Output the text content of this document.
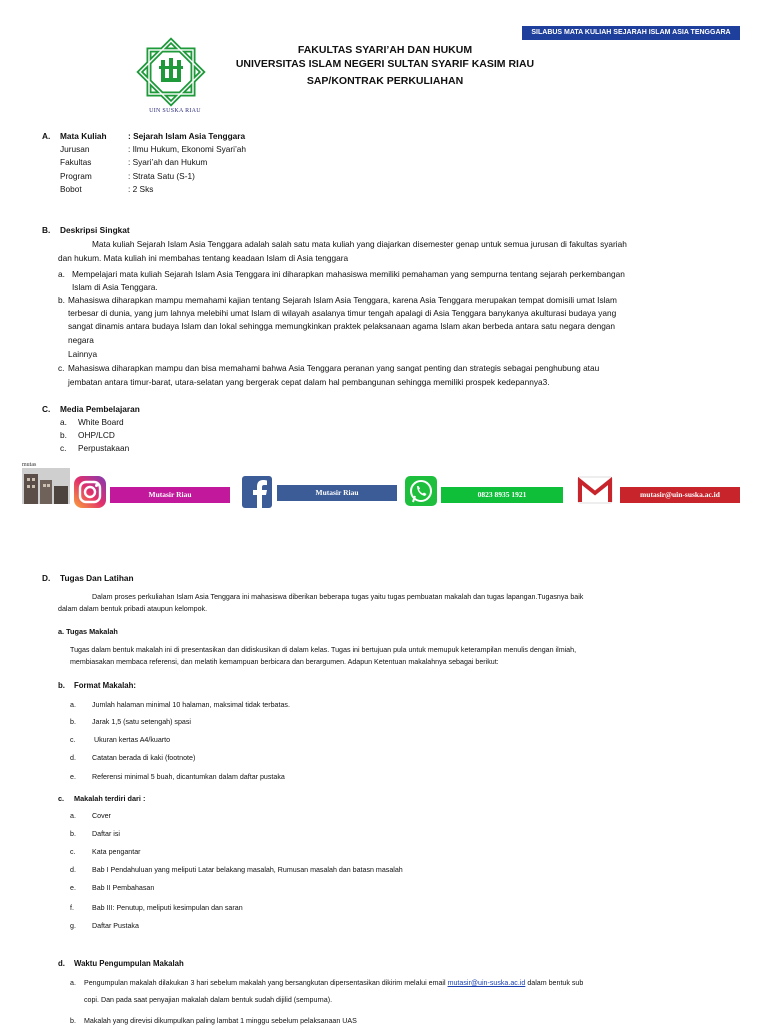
SILABUS MATA KULIAH SEJARAH ISLAM ASIA TENGGARA
UIN SUSKA RIAU
FAKULTAS SYARI’AH DAN HUKUM
UNIVERSITAS ISLAM NEGERI SULTAN SYARIF KASIM RIAU
SAP/KONTRAK PERKULIAHAN
A. Mata Kuliah	: Sejarah Islam Asia Tenggara
Jurusan	: Ilmu Hukum, Ekonomi Syari’ah
Fakultas	: Syari’ah dan Hukum
Program	: Strata Satu (S-1)
Bobot	: 2 Sks
B. Deskripsi Singkat
Mata kuliah Sejarah Islam Asia Tenggara adalah salah satu mata kuliah yang diajarkan disemester genap untuk semua jurusan di fakultas syariah
dan hukum. Mata kuliah ini membahas tentang keadaan Islam di Asia tenggara
a. Mempelajari mata kuliah Sejarah Islam Asia Tenggara ini diharapkan mahasiswa memiliki pemahaman yang sempurna tentang sejarah perkembangan
Islam di Asia Tenggara.
b. Mahasiswa diharapkan mampu memahami kajian tentang Sejarah Islam Asia Tenggara, karena Asia Tenggara merupakan tempat domisili umat Islam
terbesar di dunia, yang jum lahnya melebihi umat Islam di wilayah asalanya timur tengah apalagi di Asia Tenggara banykanya akulturasi budaya yang
sangat dinamis antara budaya Islam dan lokal sehingga memungkinkan praktek pelaksanaan agama Islam akan berbeda antara satu negara dengan
negara
Lainnya
c. Mahasiswa diharapkan mampu dan bisa memahami bahwa Asia Tenggara peranan yang sangat penting dan strategis sebagai penghubung atau
jembatan antara timur-barat, utara-selatan yang bergerak cepat dalam hal pembangunan sehingga memiliki prospek kedepannya3.
C. Media Pembelajaran
a. White Board
b. OHP/LCD
c. Perpustakaan
mutas
Mutasir Riau	Mutasir Riau	0823 8935 1921	mutasir@uin-suska.ac.id
D. Tugas Dan Latihan
Dalam proses perkuliahan Islam Asia Tenggara ini mahasiswa diberikan beberapa tugas yaitu tugas pembuatan makalah dan tugas lapangan.Tugasnya baik
dalam dalam bentuk pribadi ataupun kelompok.
a. Tugas Makalah
Tugas dalam bentuk makalah ini di presentasikan dan didiskusikan di dalam kelas. Tugas ini bertujuan pula untuk memupuk keterampilan menulis dengan ilmiah,
membiasakan membaca referensi, dan melatih kemampuan berbicara dan berargumen. Adapun Ketentuan makalahnya sebagai berikut:
b. Format Makalah:
a. Jumlah halaman minimal 10 halaman, maksimal tidak terbatas.
b. Jarak 1,5 (satu setengah) spasi
c. Ukuran kertas A4/kuarto
d. Catatan berada di kaki (footnote)
e. Referensi minimal 5 buah, dicantumkan dalam daftar pustaka
c. Makalah terdiri dari :
a. Cover
b. Daftar isi
c. Kata pengantar
d. Bab I Pendahuluan yang meliputi Latar belakang masalah, Rumusan masalah dan batasn masalah
e. Bab II Pembahasan
f.	Bab III: Penutup, meliputi kesimpulan dan saran
g. Daftar Pustaka
d. Waktu Pengumpulan Makalah
a. Pengumpulan makalah dilakukan 3 hari sebelum makalah yang bersangkutan dipersentasikan dikirim melalui email mutasir@uin-suska.ac.id dalam bentuk sub
copi. Dan pada saat penyajian makalah dalam bentuk sudah dijilid (sempurna).
b. Makalah yang direvisi dikumpulkan paling lambat 1 minggu sebelum pelaksanaan UAS
